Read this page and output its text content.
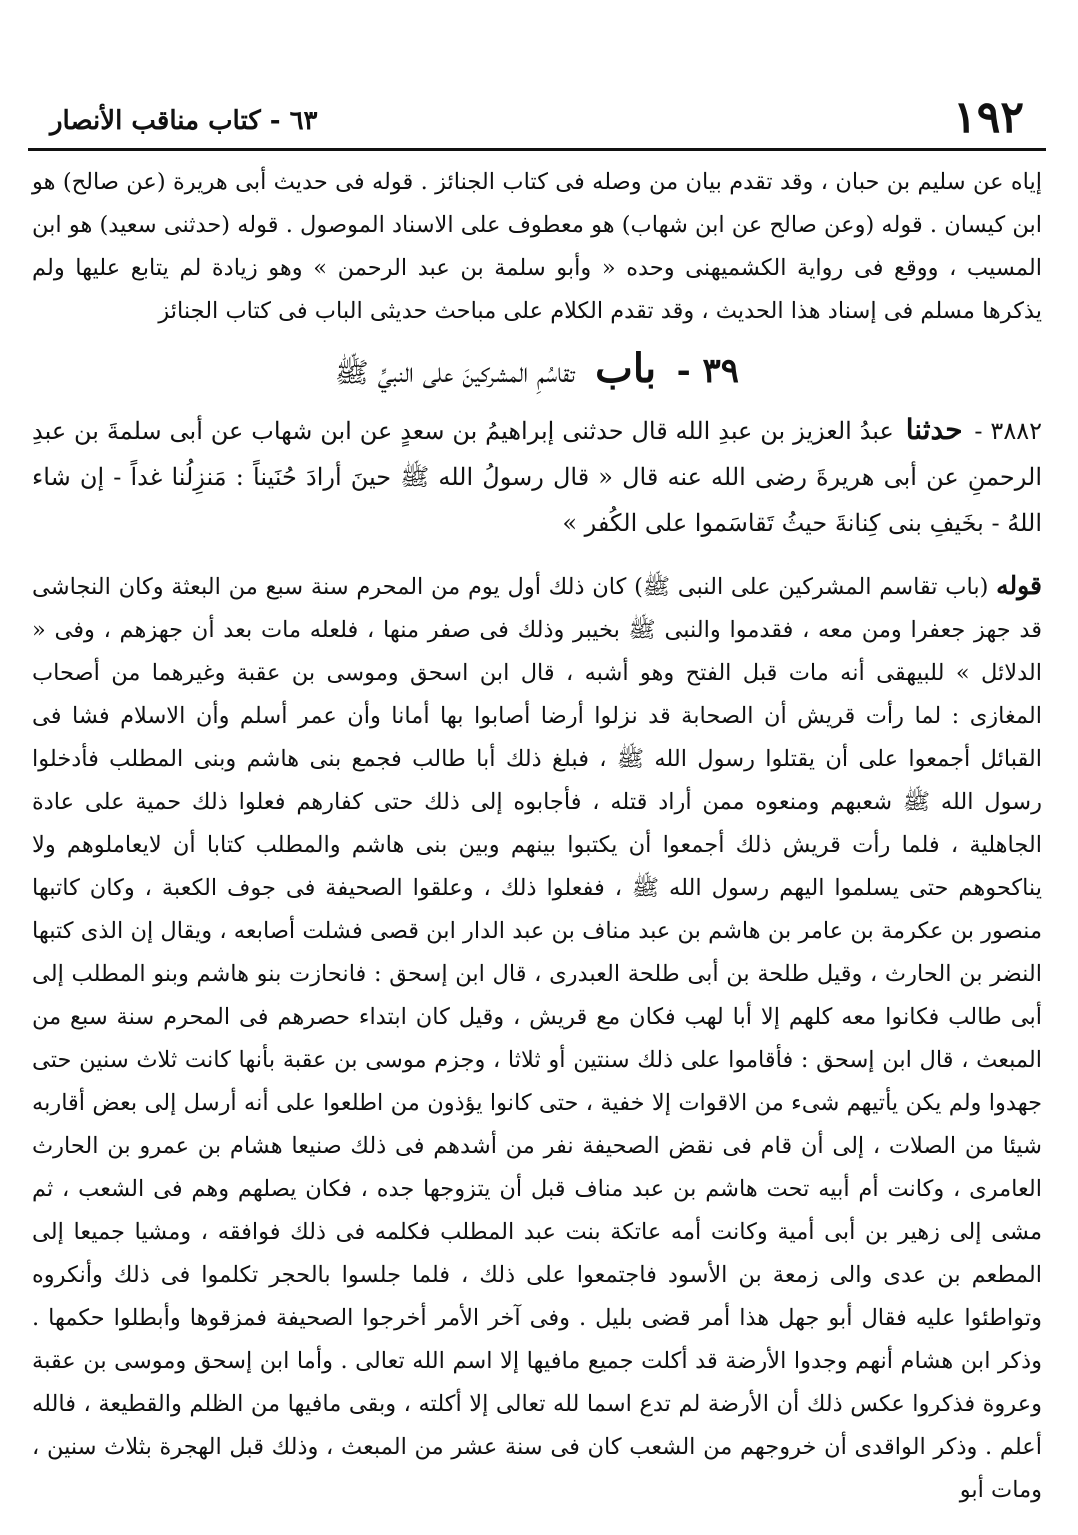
١٩٢
٦٣ - كتاب مناقب الأنصار

إياه عن سليم بن حبان ، وقد تقدم بيان من وصله فى كتاب الجنائز . قوله فى حديث أبى هريرة (عن صالح) هو ابن كيسان . قوله (وعن صالح عن ابن شهاب) هو معطوف على الاسناد الموصول . قوله (حدثنى سعيد) هو ابن المسيب ، ووقع فى رواية الكشميهنى وحده « وأبو سلمة بن عبد الرحمن » وهو زيادة لم يتابع عليها ولم يذكرها مسلم فى إسناد هذا الحديث ، وقد تقدم الكلام على مباحث حديثى الباب فى كتاب الجنائز

٣٩ - باب تقاسُمِ المشركينَ على النبيِّ ﷺ

٣٨٨٢ - حدثنا عبدُ العزيز بن عبدِ الله قال حدثنى إبراهيمُ بن سعدٍ عن ابن شهاب عن أبى سلمةَ بن عبدِ الرحمنِ عن أبى هريرةَ رضى الله عنه قال « قال رسولُ الله ﷺ حينَ أرادَ حُنَيناً : مَنزِلُنا غداً - إن شاء اللهُ - بخَيفِ بنى كِنانةَ حيثُ تَقاسَموا على الكُفر »

قوله (باب تقاسم المشركين على النبى ﷺ) كان ذلك أول يوم من المحرم سنة سبع من البعثة وكان النجاشى قد جهز جعفرا ومن معه ، فقدموا والنبى ﷺ بخيبر وذلك فى صفر منها ، فلعله مات بعد أن جهزهم ، وفى « الدلائل » للبيهقى أنه مات قبل الفتح وهو أشبه ، قال ابن اسحق وموسى بن عقبة وغيرهما من أصحاب المغازى : لما رأت قريش أن الصحابة قد نزلوا أرضا أصابوا بها أمانا وأن عمر أسلم وأن الاسلام فشا فى القبائل أجمعوا على أن يقتلوا رسول الله ﷺ ، فبلغ ذلك أبا طالب فجمع بنى هاشم وبنى المطلب فأدخلوا رسول الله ﷺ شعبهم ومنعوه ممن أراد قتله ، فأجابوه إلى ذلك حتى كفارهم فعلوا ذلك حمية على عادة الجاهلية ، فلما رأت قريش ذلك أجمعوا أن يكتبوا بينهم وبين بنى هاشم والمطلب كتابا أن لايعاملوهم ولا يناكحوهم حتى يسلموا اليهم رسول الله ﷺ ، ففعلوا ذلك ، وعلقوا الصحيفة فى جوف الكعبة ، وكان كاتبها منصور بن عكرمة بن عامر بن هاشم بن عبد مناف بن عبد الدار ابن قصى فشلت أصابعه ، ويقال إن الذى كتبها النضر بن الحارث ، وقيل طلحة بن أبى طلحة العبدرى ، قال ابن إسحق : فانحازت بنو هاشم وبنو المطلب إلى أبى طالب فكانوا معه كلهم إلا أبا لهب فكان مع قريش ، وقيل كان ابتداء حصرهم فى المحرم سنة سبع من المبعث ، قال ابن إسحق : فأقاموا على ذلك سنتين أو ثلاثا ، وجزم موسى بن عقبة بأنها كانت ثلاث سنين حتى جهدوا ولم يكن يأتيهم شىء من الاقوات إلا خفية ، حتى كانوا يؤذون من اطلعوا على أنه أرسل إلى بعض أقاربه شيئا من الصلات ، إلى أن قام فى نقض الصحيفة نفر من أشدهم فى ذلك صنيعا هشام بن عمرو بن الحارث العامرى ، وكانت أم أبيه تحت هاشم بن عبد مناف قبل أن يتزوجها جده ، فكان يصلهم وهم فى الشعب ، ثم مشى إلى زهير بن أبى أمية وكانت أمه عاتكة بنت عبد المطلب فكلمه فى ذلك فوافقه ، ومشيا جميعا إلى المطعم بن عدى والى زمعة بن الأسود فاجتمعوا على ذلك ، فلما جلسوا بالحجر تكلموا فى ذلك وأنكروه وتواطئوا عليه فقال أبو جهل هذا أمر قضى بليل . وفى آخر الأمر أخرجوا الصحيفة فمزقوها وأبطلوا حكمها . وذكر ابن هشام أنهم وجدوا الأرضة قد أكلت جميع مافيها إلا اسم الله تعالى . وأما ابن إسحق وموسى بن عقبة وعروة فذكروا عكس ذلك أن الأرضة لم تدع اسما لله تعالى إلا أكلته ، وبقى مافيها من الظلم والقطيعة ، فالله أعلم . وذكر الواقدى أن خروجهم من الشعب كان فى سنة عشر من المبعث ، وذلك قبل الهجرة بثلاث سنين ، ومات أبو
